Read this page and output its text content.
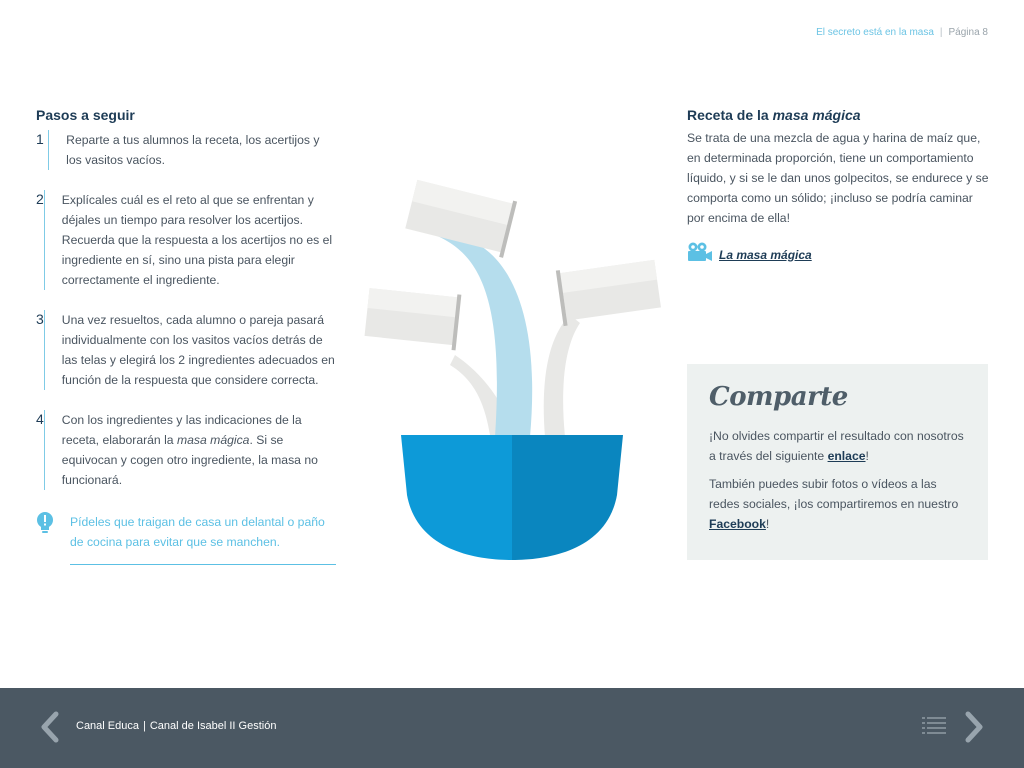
El secreto está en la masa | Página 8
Pasos a seguir
1	Reparte a tus alumnos la receta, los acertijos y los vasitos vacíos.
2	Explícales cuál es el reto al que se enfrentan y déjales un tiempo para resolver los acertijos. Recuerda que la respuesta a los acertijos no es el ingrediente en sí, sino una pista para elegir correctamente el ingrediente.
3	Una vez resueltos, cada alumno o pareja pasará individualmente con los vasitos vacíos detrás de las telas y elegirá los 2 ingredientes adecuados en función de la respuesta que considere correcta.
4	Con los ingredientes y las indicaciones de la receta, elaborarán la masa mágica. Si se equivocan y cogen otro ingrediente, la masa no funcionará.
Pídeles que traigan de casa un delantal o paño de cocina para evitar que se manchen.
Receta de la masa mágica
Se trata de una mezcla de agua y harina de maíz que, en determinada proporción, tiene un comportamiento líquido, y si se le dan unos golpecitos, se endurece y se comporta como un sólido; ¡incluso se podría caminar por encima de ella!
La masa mágica
Comparte

¡No olvides compartir el resultado con nosotros a través del siguiente enlace!

También puedes subir fotos o vídeos a las redes sociales, ¡los compartiremos en nuestro Facebook!

Canal Educa | Canal de Isabel II Gestión
